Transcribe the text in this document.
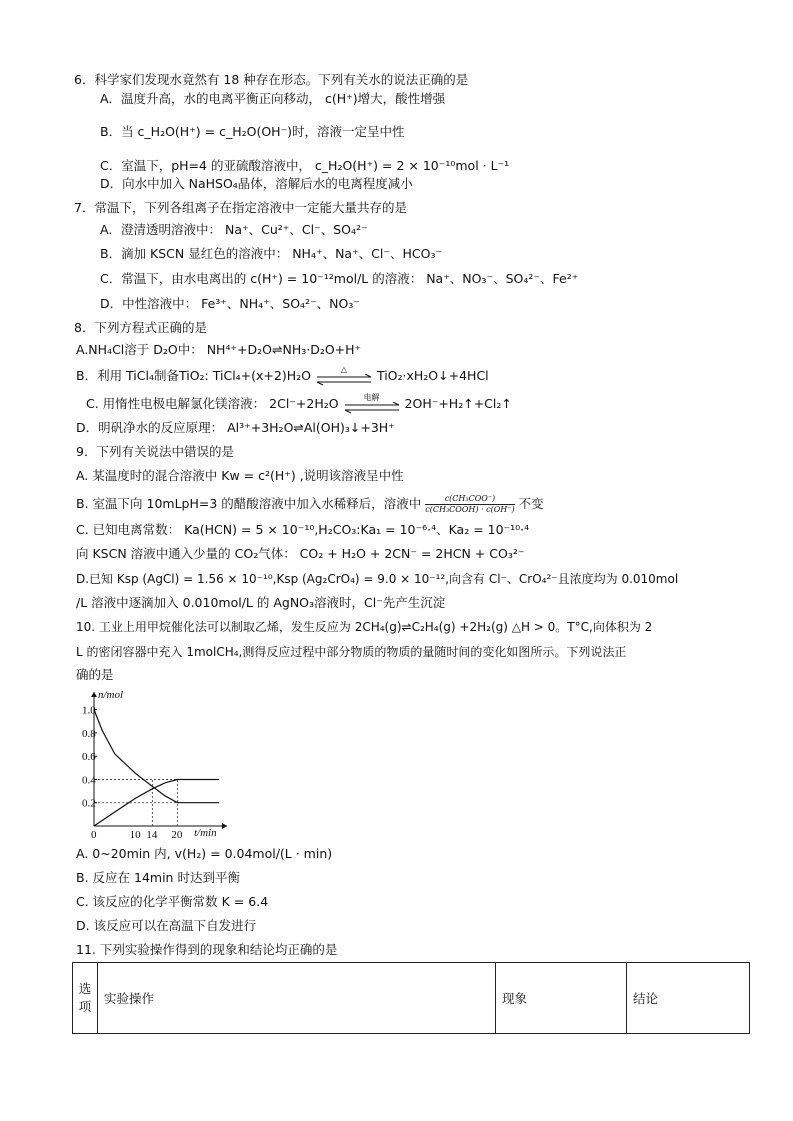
6．科学家们发现水竟然有 18 种存在形态。下列有关水的说法正确的是
A．温度升高，水的电离平衡正向移动， c(H⁺)增大，酸性增强
B．当 c_H₂O(H⁺) = c_H₂O(OH⁻)时，溶液一定呈中性
C．室温下，pH=4 的亚硫酸溶液中， c_H₂O(H⁺) = 2 × 10⁻¹⁰mol · L⁻¹
D．向水中加入 NaHSO₄晶体，溶解后水的电离程度减小
7．常温下，下列各组离子在指定溶液中一定能大量共存的是
A．澄清透明溶液中： Na⁺、Cu²⁺、Cl⁻、SO₄²⁻
B．滴加 KSCN 显红色的溶液中： NH₄⁺、Na⁺、Cl⁻、HCO₃⁻
C．常温下，由水电离出的 c(H⁺) = 10⁻¹²mol/L 的溶液： Na⁺、NO₃⁻、SO₄²⁻、Fe²⁺
D．中性溶液中： Fe³⁺、NH₄⁺、SO₄²⁻、NO₃⁻
8．下列方程式正确的是
A.NH₄Cl溶于 D₂O中： NH⁴⁺+D₂O⇌NH₃·D₂O+H⁺
B．利用 TiCl₄制备TiO₂: TiCl₄+(x+2)H₂O	△	TiO₂·xH₂O↓+4HCl
C. 用惰性电极电解氯化镁溶液： 2Cl⁻+2H₂O	电解	2OH⁻+H₂↑+Cl₂↑
D．明矾净水的反应原理： Al³⁺+3H₂O⇌Al(OH)₃↓+3H⁺
9．下列有关说法中错误的是
A. 某温度时的混合溶液中 Kw = c²(H⁺) ,说明该溶液呈中性
B. 室温下向 10mLpH=3 的醋酸溶液中加入水稀释后，溶液中 $\frac{\text{c(CH₃COO⁻)}}{\text{c(CH₃COOH) · c(OH⁻)}}$ 不变
C. 已知电离常数： Ka(HCN) = 5 × 10⁻¹⁰,H₂CO₃:Ka₁ = 10⁻⁶·⁴、Ka₂ = 10⁻¹⁰·⁴
向 KSCN 溶液中通入少量的 CO₂气体： CO₂ + H₂O + 2CN⁻ = 2HCN + CO₃²⁻
D.已知 Ksp (AgCl) = 1.56 × 10⁻¹⁰,Ksp (Ag₂CrO₄) = 9.0 × 10⁻¹²,向含有 Cl⁻、CrO₄²⁻且浓度均为 0.010mol
/L 溶液中逐滴加入 0.010mol/L 的 AgNO₃溶液时，Cl⁻先产生沉淀
10. 工业上用甲烷催化法可以制取乙烯，发生反应为 2CH₄(g)⇌C₂H₄(g) +2H₂(g) △H > 0。T°C,向体积为 2
L 的密闭容器中充入 1molCH₄,测得反应过程中部分物质的物质的量随时间的变化如图所示。下列说法正
确的是
1.0
0.8
0.6
0.4
0.2
0	10 14 20
n/mol
t/min
A. 0~20min 内, v(H₂) = 0.04mol/(L · min)
B. 反应在 14min 时达到平衡
C. 该反应的化学平衡常数 K = 6.4
D. 该反应可以在高温下自发进行
11. 下列实验操作得到的现象和结论均正确的是
选项	实验操作	现象	结论
